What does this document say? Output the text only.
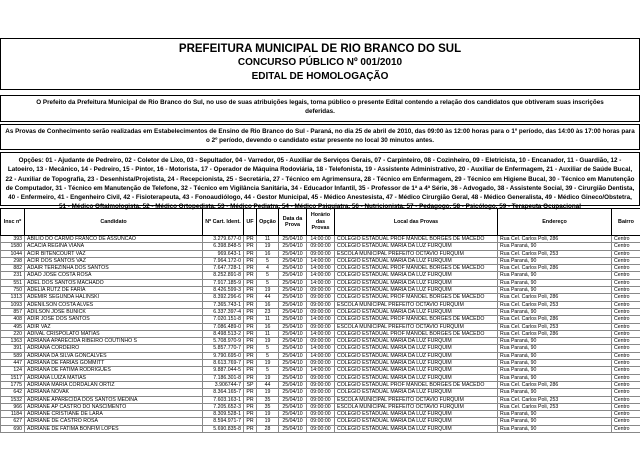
PREFEITURA MUNICIPAL DE RIO BRANCO DO SUL
CONCURSO PÚBLICO Nº 001/2010
EDITAL DE HOMOLOGAÇÃO
O Prefeito da Prefeitura Municipal de Rio Branco do Sul, no uso de suas atribuições legais, torna público o presente Edital contendo a relação dos candidatos que obtiveram suas inscrições deferidas.
As Provas de Conhecimento serão realizadas em Estabelecimentos de Ensino de Rio Branco do Sul - Paraná, no dia 25 de abril de 2010, das 09:00 às 12:00 horas para o 1º período, das 14:00 às 17:00 horas para o 2º período, devendo o candidato estar presente no local 30 minutos antes.
Opções: 01 - Ajudante de Pedreiro, 02 - Coletor de Lixo, 03 - Sepultador, 04 - Varredor, 05 - Auxiliar de Serviços Gerais, 07 - Carpinteiro, 08 - Cozinheiro, 09 - Eletricista, 10 - Encanador, 11 - Guardião, 12 - Latoeiro, 13 - Mecânico, 14 - Pedreiro, 15 - Pintor, 16 - Motorista, 17 - Operador de Máquina Rodoviária, 18 - Telefonista, 19 - Assistente Administrativo, 20 - Auxiliar de Enfermagem, 21 - Auxiliar de Saúde Bucal, 22 - Auxiliar de Topografia, 23 - Desenhista/Projetista, 24 - Recepcionista, 25 - Secretária, 27 - Técnico em Agrimensura, 28 - Técnico em Enfermagem, 29 - Técnico em Higiene Bucal, 30 - Técnico em Manutenção de Computador, 31 - Técnico em Manutenção de Telefone, 32 - Técnico em Vigilância Sanitária, 34 - Educador Infantil, 35 - Professor de 1ª a 4ª Série, 36 - Advogado, 38 - Assistente Social, 39 - Cirurgião Dentista, 40 - Enfermeiro, 41 - Engenheiro Civil, 42 - Fisioterapeuta, 43 - Fonoaudiólogo, 44 - Gestor Municipal, 45 - Médico Anestesista, 47 - Médico Cirurgião Geral, 48 - Médico Generalista, 49 - Médico Gineco/Obstetra, 51 - Médico Oftalmologista, 52 - Médico Ortopedista, 53 - Médico Pediatra, 54 - Médico Psiquiatra, 56 - Nutricionista, 57 - Pedagogo, 58 - Psicólogo, 59 - Terapeuta Ocupacional
Insc nº	Candidato	Nº Cart. Ident.	UF	Opção	Data da Prova	Horário das Provas	Local das Provas	Endereço	Bairro
393	ABILIO DO CARMO FRANCO DE ASSUNCAO	3.279.677-0	PR	11	25/04/10	14:00:00	COLEGIO ESTADUAL PROF MANOEL BORGES DE MACEDO	Rua Cel. Carlos Poli, 286	Centro
1580	ACACIA REGINA VIANA	6.398.848-5	PR	19	25/04/10	09:00:00	COLEGIO ESTADUAL MARIA DA LUZ FURQUIM	Rua Paraná, 90	Centro
1044	ACIR BITENCOURT VAZ	969.643-1	PR	16	25/04/10	09:00:00	ESCOLA MUNICIPAL PREFEITO OCTAVIO FURQUIM	Rua Cel. Carlos Poli, 253	Centro
298	ACIR DOS SANTOS VAZ	7.964.172-0	PR	5	25/04/10	14:00:00	COLEGIO ESTADUAL MARIA DA LUZ FURQUIM	Rua Paraná, 90	Centro
882	ADAIR TEREZINHA DOS SANTOS	7.647.728-1	PR	4	25/04/10	14:00:00	COLEGIO ESTADUAL PROF MANOEL BORGES DE MACEDO	Rua Cel. Carlos Poli, 286	Centro
231	ADAO JOSE COSTA ROSA	8.252.891-8	PR	5	25/04/10	14:00:00	COLEGIO ESTADUAL MARIA DA LUZ FURQUIM	Rua Paraná, 90	Centro
551	ADEL DOS SANTOS MACHADO	7.917.185-9	PR	5	25/04/10	14:00:00	COLEGIO ESTADUAL MARIA DA LUZ FURQUIM	Rua Paraná, 90	Centro
750	ADELIA RUTZ DE FARIA	8.426.599-3	PR	19	25/04/10	09:00:00	COLEGIO ESTADUAL MARIA DA LUZ FURQUIM	Rua Paraná, 90	Centro
1313	ADEMIR SEGUNDA HALINSKI	8.392.296-6	PR	44	25/04/10	09:00:00	COLEGIO ESTADUAL PROF MANOEL BORGES DE MACEDO	Rua Cel. Carlos Poli, 286	Centro
1093	ADENILSON COSTA ALVES	7.365.743-1	PR	16	25/04/10	09:00:00	ESCOLA MUNICIPAL PREFEITO OCTAVIO FURQUIM	Rua Cel. Carlos Poli, 253	Centro
857	ADILSON JOSE BUNICK	6.337.397-4	PR	23	25/04/10	09:00:00	COLEGIO ESTADUAL MARIA DA LUZ FURQUIM	Rua Paraná, 90	Centro
408	ADIR JOSE DOS SANTOS	7.020.151-8	PR	11	25/04/10	14:00:00	COLEGIO ESTADUAL PROF MANOEL BORGES DE MACEDO	Rua Cel. Carlos Poli, 286	Centro
495	ADIR VAZ	7.086.489-0	PR	16	25/04/10	09:00:00	ESCOLA MUNICIPAL PREFEITO OCTAVIO FURQUIM	Rua Cel. Carlos Poli, 253	Centro
220	ADIVAL CRISPOLATO MATIAS	8.498.513-2	PR	11	25/04/10	14:00:00	COLEGIO ESTADUAL PROF MANOEL BORGES DE MACEDO	Rua Cel. Carlos Poli, 286	Centro
1363	ADRIANA APARECIDA RIBEIRO COUTINHO S	5.708.970-9	PR	19	25/04/10	09:00:00	COLEGIO ESTADUAL MARIA DA LUZ FURQUIM	Rua Paraná, 90	Centro
391	ADRIANA CORDEIRO	5.857.770-7	PR	5	25/04/10	14:00:00	COLEGIO ESTADUAL MARIA DA LUZ FURQUIM	Rua Paraná, 90	Centro
589	ADRIANA DA SILVA GONCALVES	9.790.695-0	PR	5	25/04/10	14:00:00	COLEGIO ESTADUAL MARIA DA LUZ FURQUIM	Rua Paraná, 90	Centro
447	ADRIANA DE FARIAS GOMMITT	8.613.769-7	PR	19	25/04/10	09:00:00	COLEGIO ESTADUAL MARIA DA LUZ FURQUIM	Rua Paraná, 90	Centro
124	ADRIANA DE FATIMA RODRIGUES	9.887.044-5	PR	5	25/04/10	14:00:00	COLEGIO ESTADUAL MARIA DA LUZ FURQUIM	Rua Paraná, 90	Centro
1517	ADRIANA LUIZA MATIAS	7.186.301-8	PR	19	25/04/10	09:00:00	COLEGIO ESTADUAL MARIA DA LUZ FURQUIM	Rua Paraná, 90	Centro
1775	ADRIANA MARIA CORDALAN ORTIZ	3.906744-7	SP	44	25/04/10	09:00:00	COLEGIO ESTADUAL PROF MANOEL BORGES DE MACEDO	Rua Cel. Carlos Poli, 286	Centro
642	ADRIANA NOVAK	8.364.165-7	PR	19	25/04/10	09:00:00	COLEGIO ESTADUAL MARIA DA LUZ FURQUIM	Rua Paraná, 90	Centro
1532	ADRIANE APARECIDA DOS SANTOS MEDINA	7.603.163-1	PR	35	25/04/10	09:00:00	ESCOLA MUNICIPAL PREFEITO OCTAVIO FURQUIM	Rua Cel. Carlos Poli, 253	Centro
966	ADRIANE AP CASTRO DO NASCIMENTO	7.205.652-3	PR	35	25/04/10	09:00:00	ESCOLA MUNICIPAL PREFEITO OCTAVIO FURQUIM	Rua Cel. Carlos Poli, 253	Centro
1184	ADRIANE CRISTIANE DE LARA	8.309.528-1	PR	19	25/04/10	09:00:00	COLEGIO ESTADUAL MARIA DA LUZ FURQUIM	Rua Paraná, 90	Centro
627	ADRIANE DE CASTRO ROSA	8.594.971-7	PR	19	25/04/10	09:00:00	COLEGIO ESTADUAL MARIA DA LUZ FURQUIM	Rua Paraná, 90	Centro
690	ADRIANE DE FATIMA BONFIM LOPES	5.690.835-8	PR	28	25/04/10	09:00:00	COLEGIO ESTADUAL MARIA DA LUZ FURQUIM	Rua Paraná, 90	Centro
